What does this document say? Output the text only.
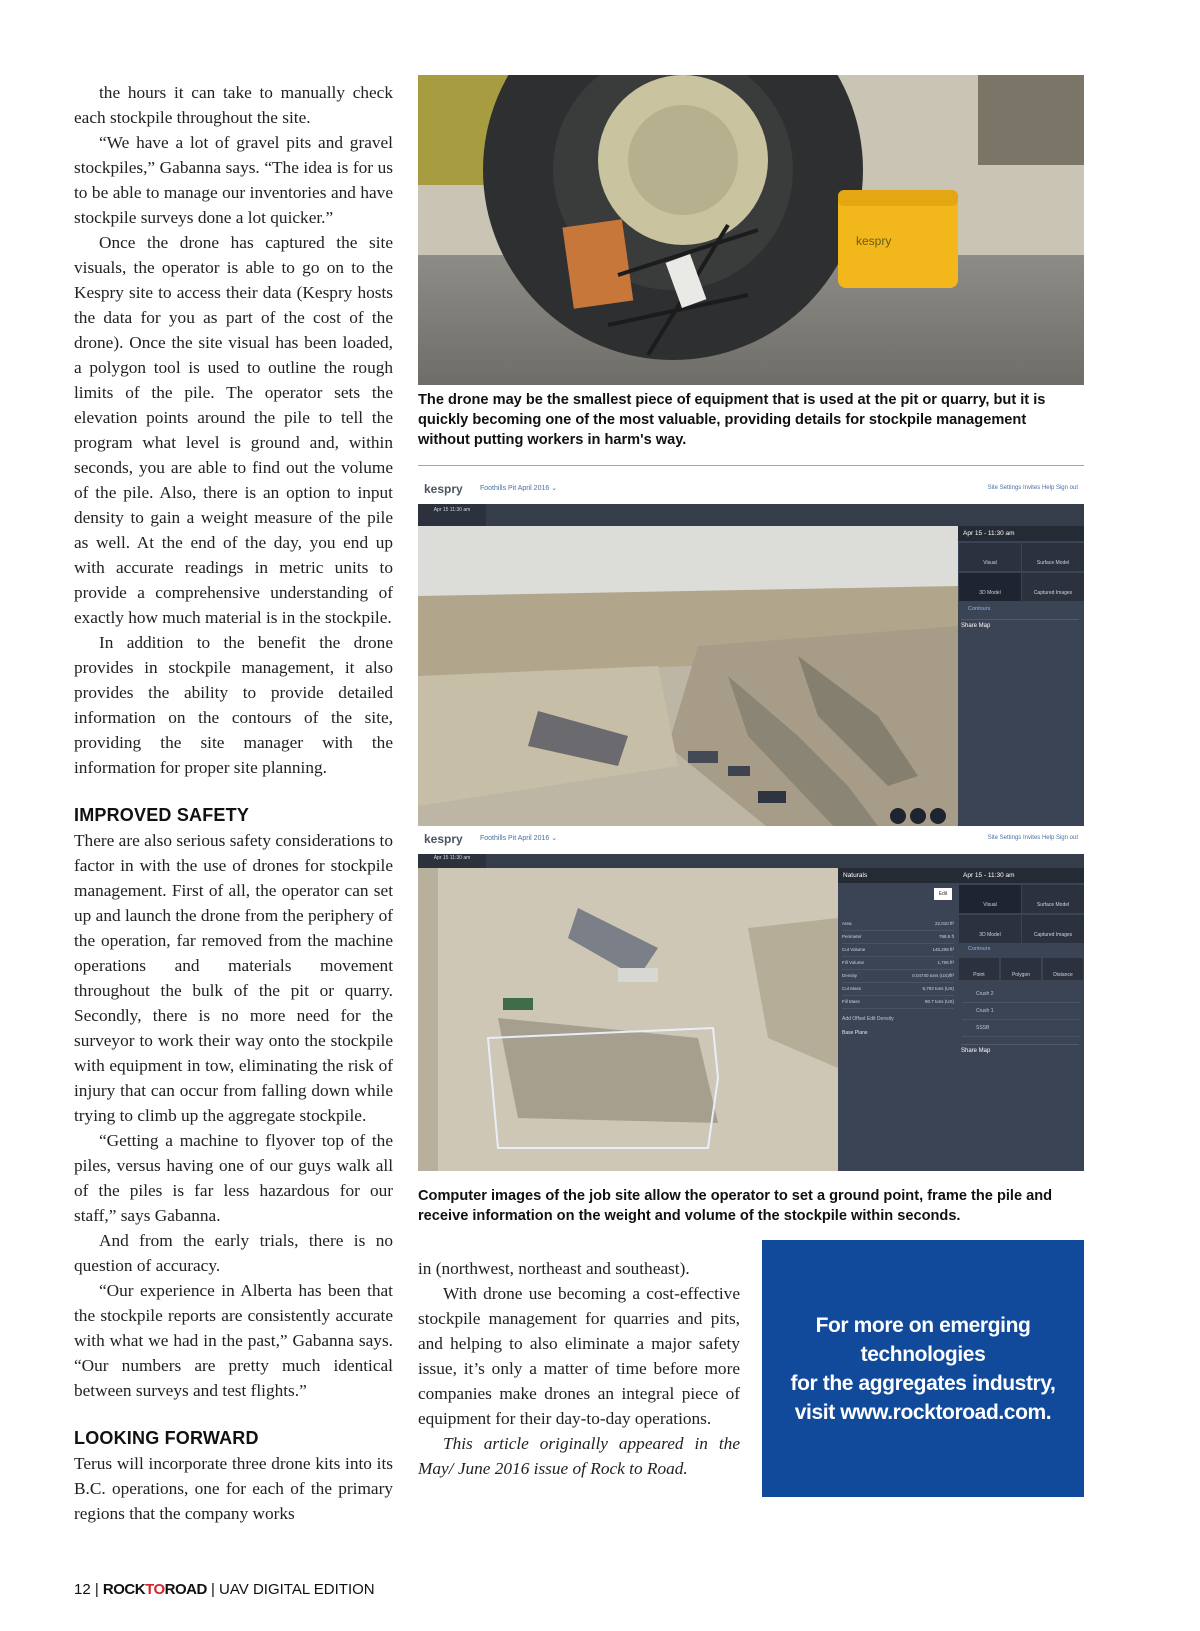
the hours it can take to manually check each stockpile throughout the site.

“We have a lot of gravel pits and gravel stockpiles,” Gabanna says. “The idea is for us to be able to manage our inventories and have stockpile surveys done a lot quicker.”

Once the drone has captured the site visuals, the operator is able to go on to the Kespry site to access their data (Kespry hosts the data for you as part of the cost of the drone). Once the site visual has been loaded, a polygon tool is used to outline the rough limits of the pile. The operator sets the elevation points around the pile to tell the program what level is ground and, within seconds, you are able to find out the volume of the pile. Also, there is an option to input density to gain a weight measure of the pile as well. At the end of the day, you end up with accurate readings in metric units to provide a comprehensive understanding of exactly how much material is in the stockpile.

In addition to the benefit the drone provides in stockpile management, it also provides the ability to provide detailed information on the contours of the site, providing the site manager with the information for proper site planning.

IMPROVED SAFETY

There are also serious safety considerations to factor in with the use of drones for stockpile management. First of all, the operator can set up and launch the drone from the periphery of the operation, far removed from the machine operations and materials movement throughout the bulk of the pit or quarry. Secondly, there is no more need for the surveyor to work their way onto the stockpile with equipment in tow, eliminating the risk of injury that can occur from falling down while trying to climb up the aggregate stockpile.

“Getting a machine to flyover top of the piles, versus having one of our guys walk all of the piles is far less hazardous for our staff,” says Gabanna.

And from the early trials, there is no question of accuracy.

“Our experience in Alberta has been that the stockpile reports are consistently accurate with what we had in the past,” Gabanna says. “Our numbers are pretty much identical between surveys and test flights.”

LOOKING FORWARD

Terus will incorporate three drone kits into its B.C. operations, one for each of the primary regions that the company works

kespry
The drone may be the smallest piece of equipment that is used at the pit or quarry, but it is quickly becoming one of the most valuable, providing details for stockpile management without putting workers in harm's way.
kespry Foothills Pit April 2016 ⌄	Site Settings Invites Help Sign out
Apr 15 11:30 am
Apr 15 - 11:30 am
Visual	Surface Model
3D Model	Captured Images
Contours
Share Map
kespry Foothills Pit April 2016 ⌄	Site Settings Invites Help Sign out
Apr 15 11:30 am
Naturals
Edit
Area	22,010 ft²
Perimeter	768.5 ft
Cut Volume	145,208 ft³
Fill Volume	1,706 ft³
Density	0.04740 tons (US)/ft³
Cut Mass	6,793 tons (US)
Fill Mass	80.7 tons (US)
Add Offset Edit Density
Base Plane
Apr 15 - 11:30 am
Visual	Surface Model
3D Model	Captured Images
Contours
Point	Polygon	Distance
Crush 2
Crush 1
SSSB
Share Map
Computer images of the job site allow the operator to set a ground point, frame the pile and receive information on the weight and volume of the stockpile within seconds.

in (northwest, northeast and southeast).

With drone use becoming a cost-effective stockpile management for quarries and pits, and helping to also eliminate a major safety issue, it’s only a matter of time before more companies make drones an integral piece of equipment for their day-to-day operations.

This article originally appeared in the May/ June 2016 issue of Rock to Road.

For more on emerging technologies
for the aggregates industry,
visit www.rocktoroad.com.
12 | ROCKTOROAD | UAV DIGITAL EDITION
